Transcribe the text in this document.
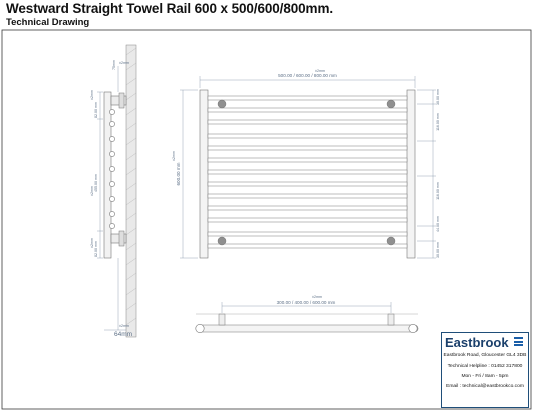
75mm
82.00 mm
455.00 mm
82.00 mm
±2mm
±2mm
±2mm
±2mm
±2mm
64mm
500.00 / 600.00 / 800.00 mm
±2mm
600.00 mm
±2mm
30.00 mm
116.00 mm
116.00 mm
44.00 mm
30.00 mm
300.00 / 400.00 / 600.00 mm
±2mm
Westward Straight Towel Rail 600 x 500/600/800mm.
Technical Drawing
Eastbrook
Eastbrook Road, Gloucester GL4 3DB
Technical Helpline : 01452 317800
Mon - Fri / 8am - 5pm
Email : technical@eastbrookco.com
